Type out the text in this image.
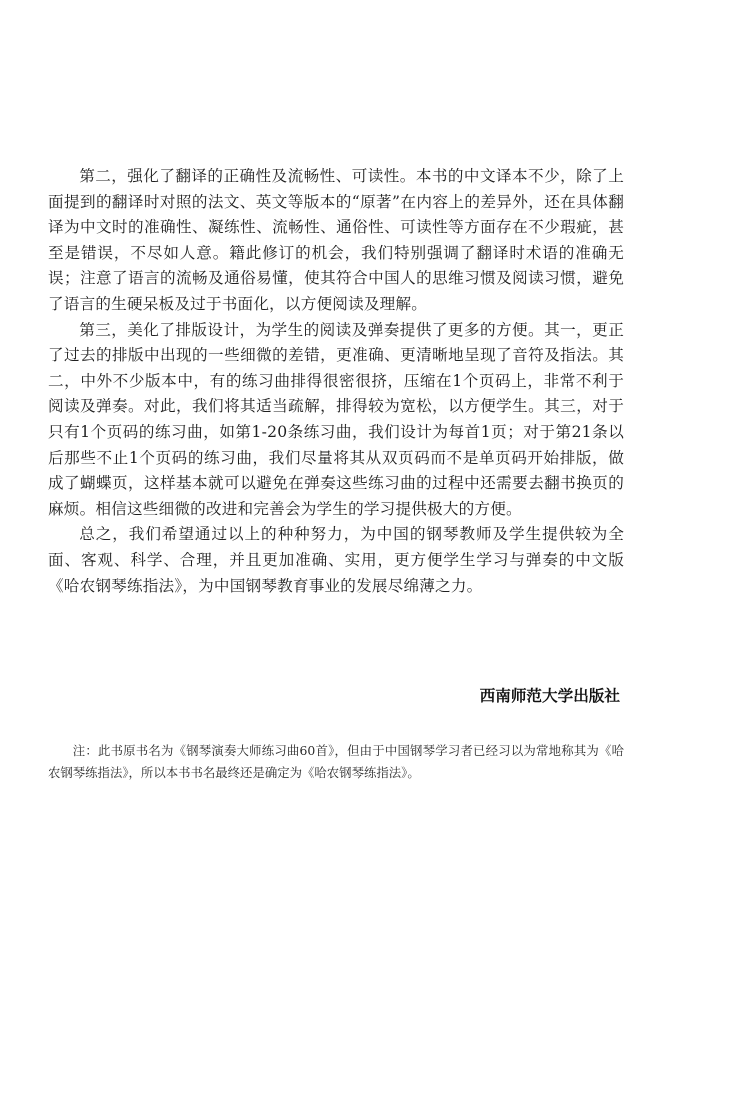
第二，强化了翻译的正确性及流畅性、可读性。本书的中文译本不少，除了上面提到的翻译时对照的法文、英文等版本的“原著”在内容上的差异外，还在具体翻译为中文时的准确性、凝练性、流畅性、通俗性、可读性等方面存在不少瑕疵，甚至是错误，不尽如人意。籍此修订的机会，我们特别强调了翻译时术语的准确无误；注意了语言的流畅及通俗易懂，使其符合中国人的思维习惯及阅读习惯，避免了语言的生硬呆板及过于书面化，以方便阅读及理解。

第三，美化了排版设计，为学生的阅读及弹奏提供了更多的方便。其一，更正了过去的排版中出现的一些细微的差错，更准确、更清晰地呈现了音符及指法。其二，中外不少版本中，有的练习曲排得很密很挤，压缩在1个页码上，非常不利于阅读及弹奏。对此，我们将其适当疏解，排得较为宽松，以方便学生。其三，对于只有1个页码的练习曲，如第1-20条练习曲，我们设计为每首1页；对于第21条以后那些不止1个页码的练习曲，我们尽量将其从双页码而不是单页码开始排版，做成了蝴蝶页，这样基本就可以避免在弹奏这些练习曲的过程中还需要去翻书换页的麻烦。相信这些细微的改进和完善会为学生的学习提供极大的方便。

总之，我们希望通过以上的种种努力，为中国的钢琴教师及学生提供较为全面、客观、科学、合理，并且更加准确、实用，更方便学生学习与弹奏的中文版《哈农钢琴练指法》，为中国钢琴教育事业的发展尽绵薄之力。

西南师范大学出版社

注：此书原书名为《钢琴演奏大师练习曲60首》，但由于中国钢琴学习者已经习以为常地称其为《哈农钢琴练指法》，所以本书书名最终还是确定为《哈农钢琴练指法》。
